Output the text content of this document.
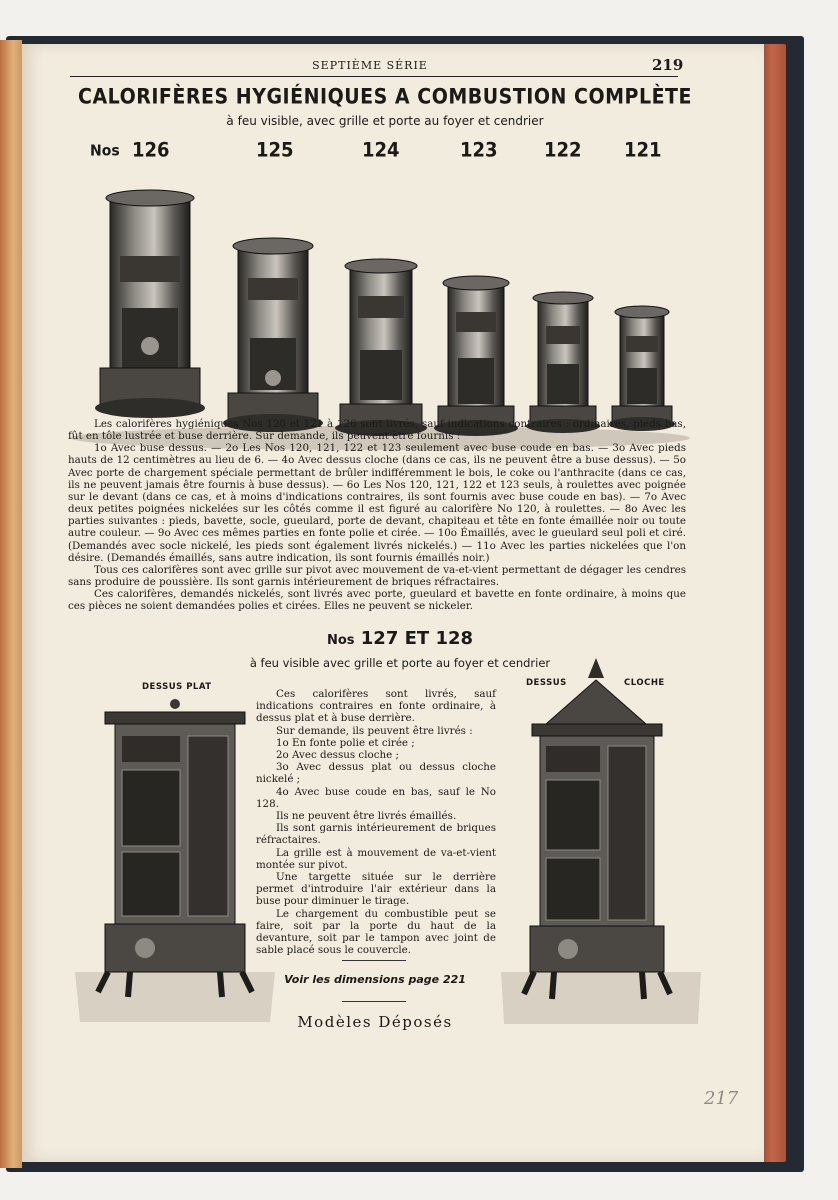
SEPTIÈME SÉRIE	219
CALORIFÈRES HYGIÉNIQUES A COMBUSTION COMPLÈTE
à feu visible, avec grille et porte au foyer et cendrier
Nos 126	125	124	123	122 121

Les calorifères hygiéniques Nos 120 et 121 à 126 sont livrés, sauf indications contraires : ordinaires, pieds bas, fût en tôle lustrée et buse derrière. Sur demande, ils peuvent être fournis :

1o Avec buse dessus. — 2o Les Nos 120, 121, 122 et 123 seulement avec buse coude en bas. — 3o Avec pieds hauts de 12 centimètres au lieu de 6. — 4o Avec dessus cloche (dans ce cas, ils ne peuvent être a buse dessus). — 5o Avec porte de chargement spéciale permettant de brûler indifféremment le bois, le coke ou l'anthracite (dans ce cas, ils ne peuvent jamais être fournis à buse dessus). — 6o Les Nos 120, 121, 122 et 123 seuls, à roulettes avec poignée sur le devant (dans ce cas, et à moins d'indications contraires, ils sont fournis avec buse coude en bas). — 7o Avec deux petites poignées nickelées sur les côtés comme il est figuré au calorifère No 120, à roulettes. — 8o Avec les parties suivantes : pieds, bavette, socle, gueulard, porte de devant, chapiteau et tête en fonte émaillée noir ou toute autre couleur. — 9o Avec ces mêmes parties en fonte polie et cirée. — 10o Émaillés, avec le gueulard seul poli et ciré. (Demandés avec socle nickelé, les pieds sont également livrés nickelés.) — 11o Avec les parties nickelées que l'on désire. (Demandés émaillés, sans autre indication, ils sont fournis émaillés noir.)

Tous ces calorifères sont avec grille sur pivot avec mouvement de va-et-vient permettant de dégager les cendres sans produire de poussière. Ils sont garnis intérieurement de briques réfractaires.

Ces calorifères, demandés nickelés, sont livrés avec porte, gueulard et bavette en fonte ordinaire, à moins que ces pièces ne soient demandées polies et cirées. Elles ne peuvent se nickeler.

Nos 127 ET 128
à feu visible avec grille et porte au foyer et cendrier
DESSUS PLAT	DESSUS	CLOCHE

Ces calorifères sont livrés, sauf indications contraires en fonte ordinaire, à dessus plat et à buse derrière.

Sur demande, ils peuvent être livrés :

1o En fonte polie et cirée ;

2o Avec dessus cloche ;

3o Avec dessus plat ou dessus cloche nickelé ;

4o Avec buse coude en bas, sauf le No 128.

Ils ne peuvent être livrés émaillés.

Ils sont garnis intérieurement de briques réfractaires.

La grille est à mouvement de va-et-vient montée sur pivot.

Une targette située sur le derrière permet d'introduire l'air extérieur dans la buse pour diminuer le tirage.

Le chargement du combustible peut se faire, soit par la porte du haut de la devanture, soit par le tampon avec joint de sable placé sous le couvercle.

Voir les dimensions page 221
Modèles Déposés
217
